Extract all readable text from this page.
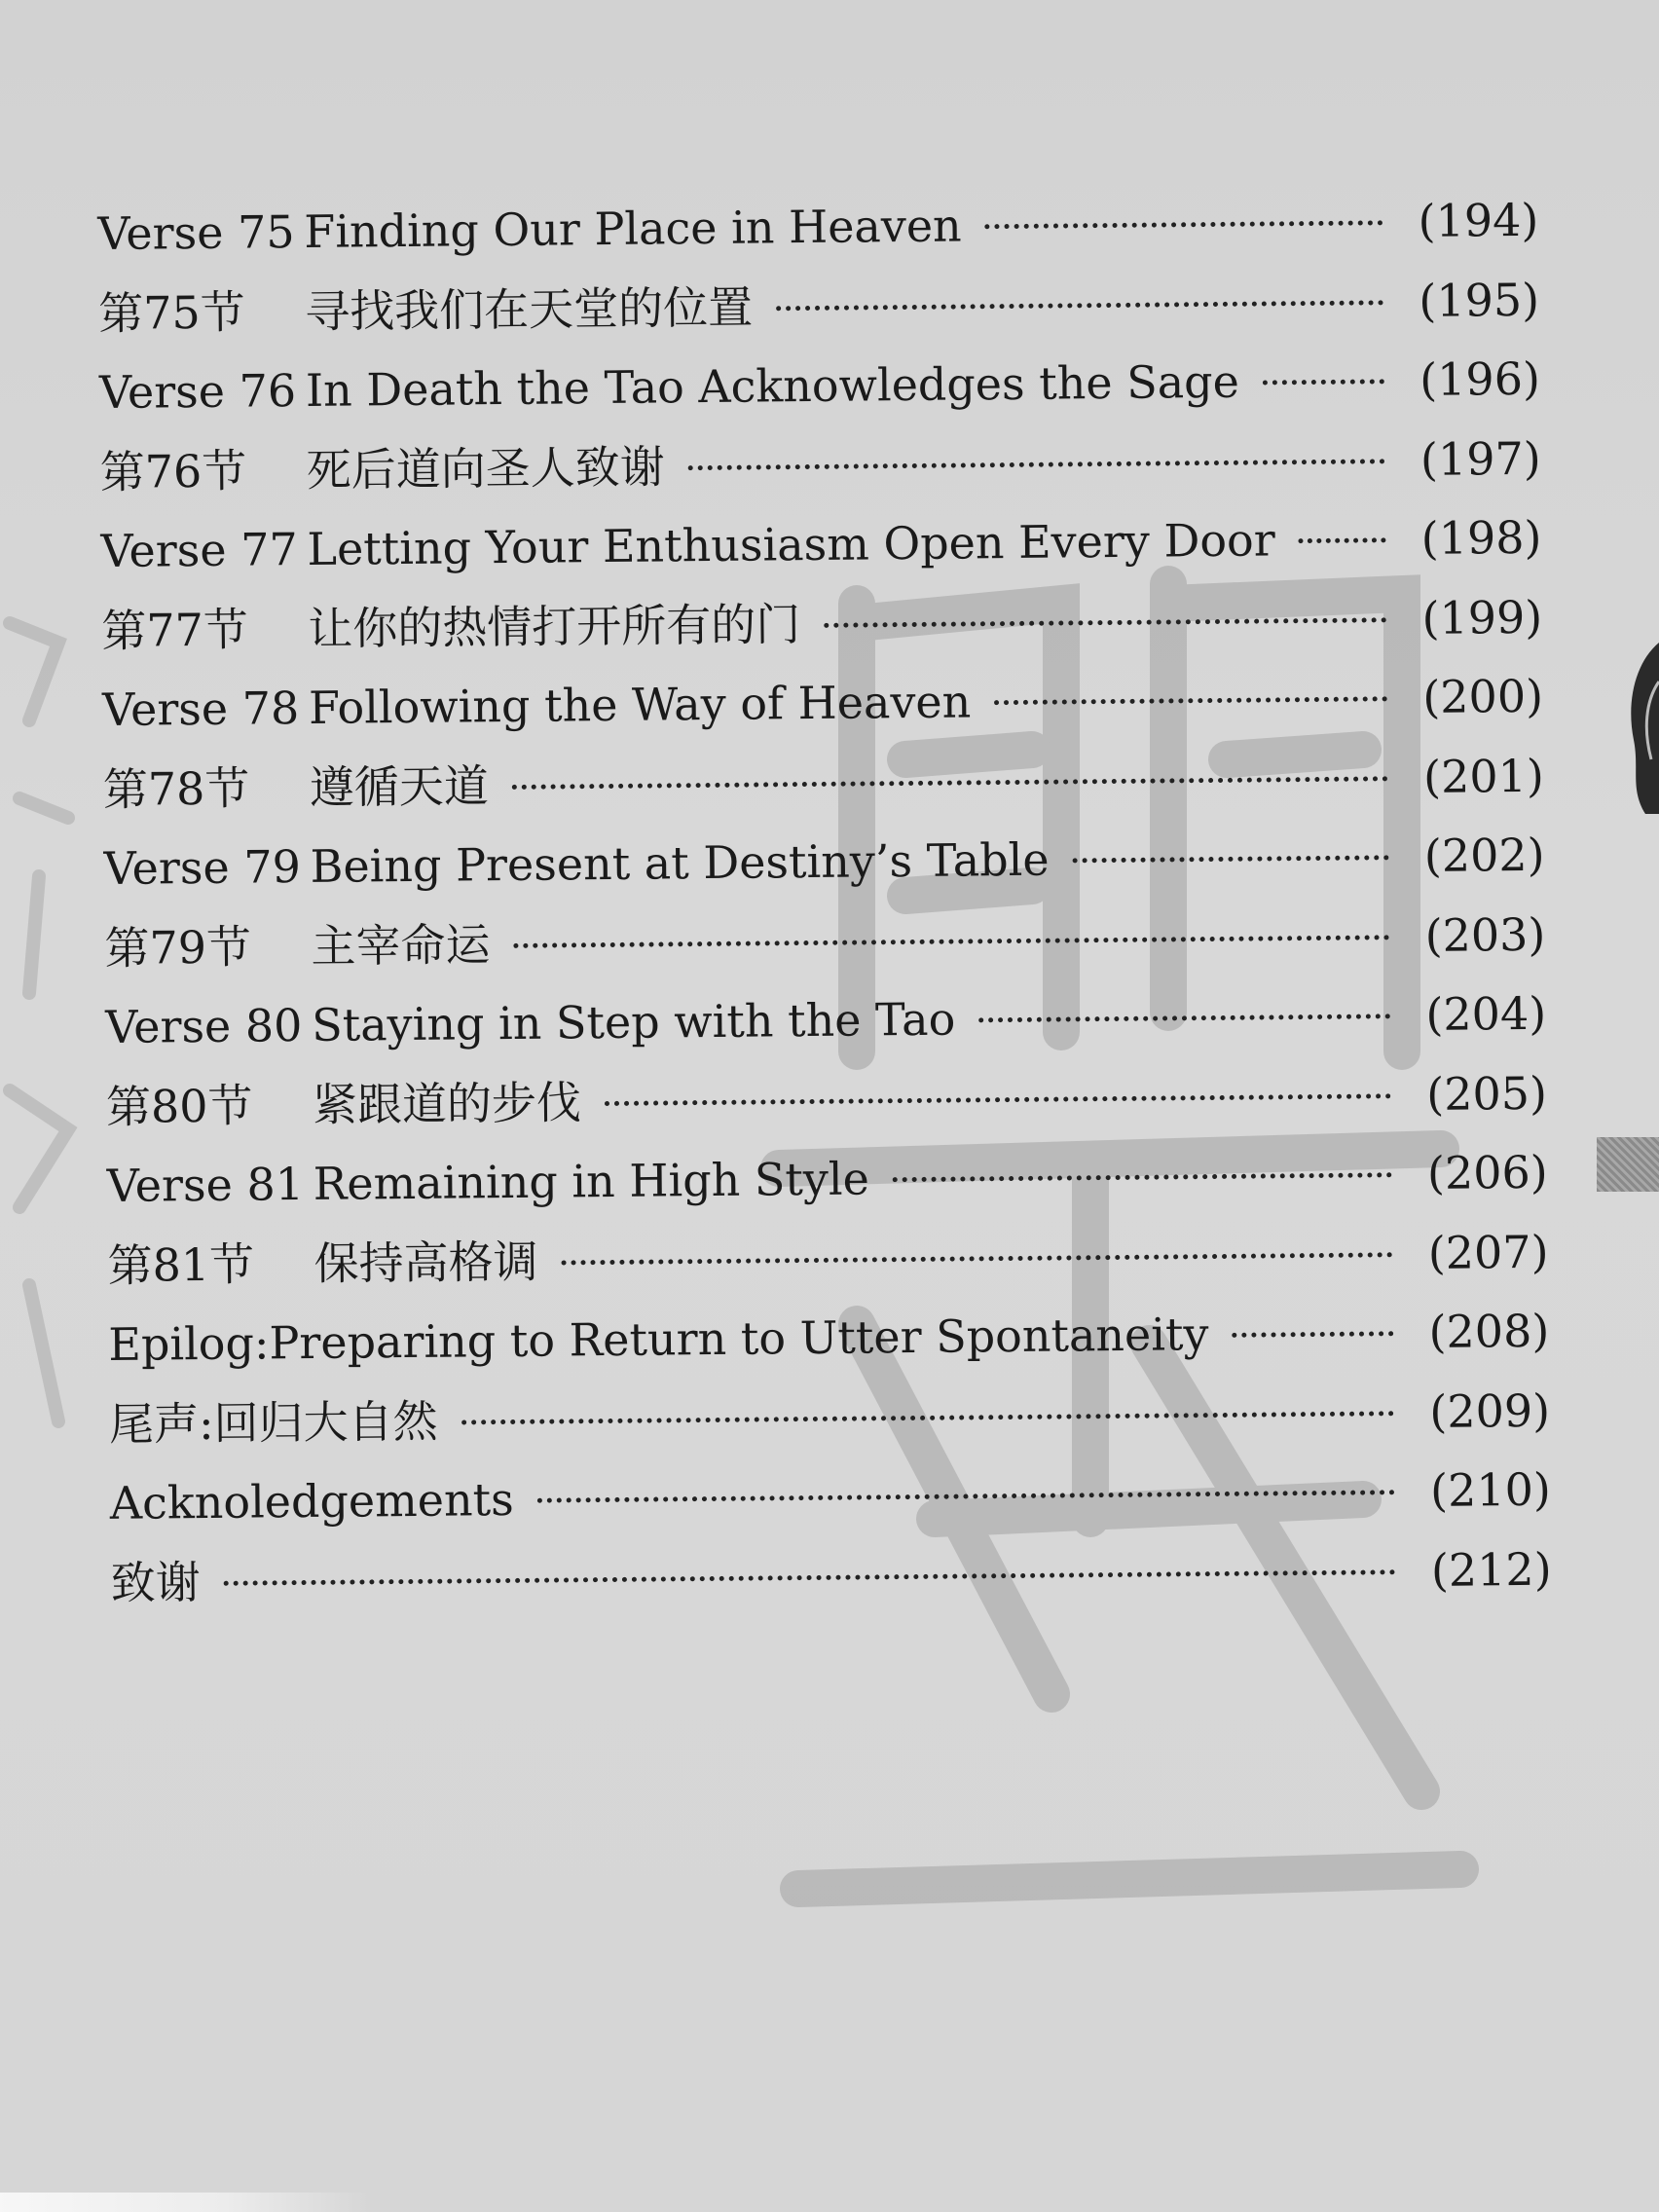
Verse 75 Finding Our Place in Heaven	(194)
第75节	寻找我们在天堂的位置	(195)
Verse 76 In Death the Tao Acknowledges the Sage	(196)
第76节	死后道向圣人致谢	(197)
Verse 77 Letting Your Enthusiasm Open Every Door	(198)
第77节	让你的热情打开所有的门	(199)
Verse 78 Following the Way of Heaven	(200)
第78节	遵循天道	(201)
Verse 79 Being Present at Destiny’s Table	(202)
第79节	主宰命运	(203)
Verse 80 Staying in Step with the Tao	(204)
第80节	紧跟道的步伐	(205)
Verse 81 Remaining in High Style	(206)
第81节	保持高格调	(207)
Epilog:Preparing to Return to Utter Spontaneity	(208)
尾声:回归大自然	(209)
Acknoledgements	(210)
致谢	(212)
